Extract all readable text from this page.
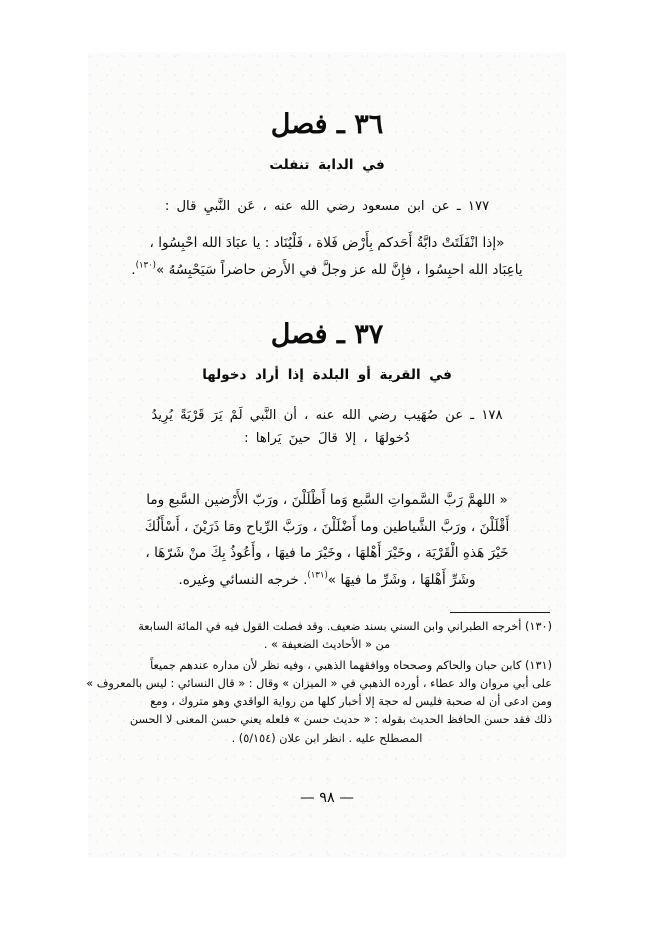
٣٦ ـ فصل
في الدابة تنفلت
١٧٧ ـ عن ابن مسعود رضي الله عنه ، عَن النَّبيِ قال :
«إذا انْفَلَتَتْ دابَّةُ أَحَدكم بِأَرْض فَلاة ، فَلْيُنَاد : يا عبَادَ الله احْبِسُوا ،
ياعِبَاد الله احبِسُوا ، فإِنَّ لله عز وجلَّ في الأَرض حاضراً سَيَحْبِسُهُ »$^{(١٣٠)}$.
٣٧ ـ فصل
في القرية أو البلدة إذا أراد دخولها
١٧٨ ـ عن صُهَيب رضي الله عنه ، أن النَّبي لَمْ يَرَ قَرْيَةً يُرِيدُ
دُخولهَا ، إلا قالَ حينَ يَراها :
« اللهمَّ رَبَّ السَّمواتِ السَّبع وَما أَظْلَلْنَ ، ورَبّ الأَرْضين السَّبع وما
أَقْلَلْنَ ، ورَبَّ الشَّياطين وما أَضْلَلْنَ ، ورَبَّ الرِّياح ومَا ذَرَيْنَ ، أَسْأَلُكَ
خَيْرَ هَذهِ الْقَرْيَة ، وخَيْرَ أَهْلهَا ، وخَيْرَ ما فيهَا ، وأَعُوذُ بِكَ منْ شَرّهَا ،
وشَرِّ أَهْلهَا ، وشَرِّ ما فيهَا »$^{(١٣١)}$. خرجه النسائي وغيره.
(١٣٠) أخرجه الطبراني وابن السني بسند ضعيف. وقد فصلت القول فيه في المائة السابعة
من « الأحاديث الضعيفة » .
(١٣١) كابن حبان والحاكم وصححاه ووافقهما الذهبي ، وفيه نظر لأن مداره عندهم جميعاً
على أبي مروان والد عطاء ، أورده الذهبي في « الميزان » وقال : « قال النسائي : ليس بالمعروف »
ومن ادعى أن له صحبة فليس له حجة إلا أخبار كلها من رواية الواقدي وهو متروك ، ومع
ذلك فقد حسن الحافظ الحديث بقوله : « حديث حسن » فلعله يعني حسن المعنى لا الحسن
المصطلح عليه . انظر ابن علان (٥/١٥٤) .
— ٩٨ —
